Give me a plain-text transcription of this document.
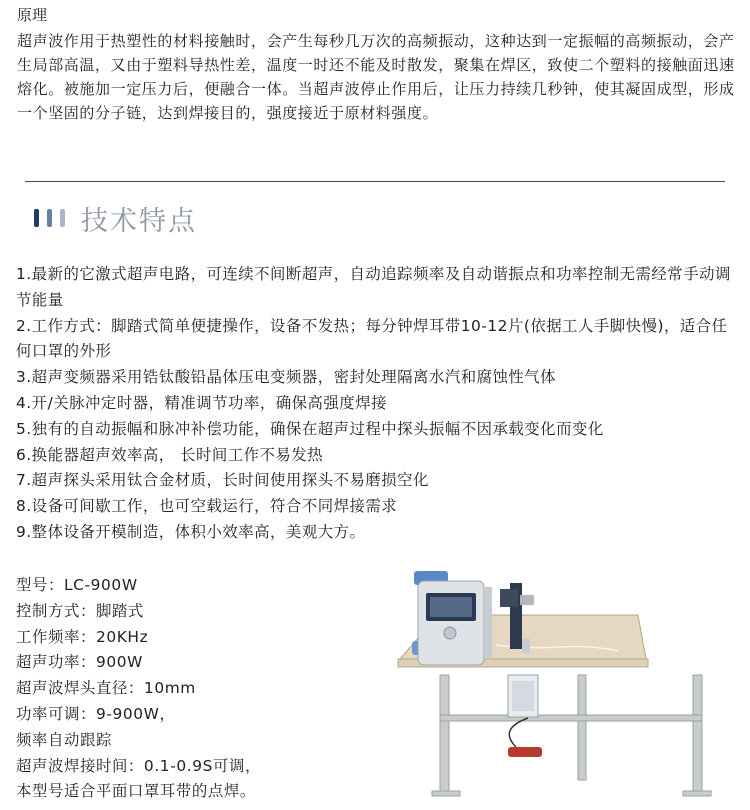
原理

超声波作用于热塑性的材料接触时，会产生每秒几万次的高频振动，这种达到一定振幅的高频振动，会产生局部高温，又由于塑料导热性差，温度一时还不能及时散发，聚集在焊区，致使二个塑料的接触面迅速熔化。被施加一定压力后，便融合一体。当超声波停止作用后，让压力持续几秒钟，使其凝固成型，形成一个坚固的分子链，达到焊接目的，强度接近于原材料强度。

技术特点
1.最新的它激式超声电路，可连续不间断超声，自动追踪频率及自动谐振点和功率控制无需经常手动调节能量
2.工作方式：脚踏式简单便捷操作，设备不发热；每分钟焊耳带10-12片(依据工人手脚快慢)，适合任何口罩的外形
3.超声变频器采用锆钛酸铅晶体压电变频器，密封处理隔离水汽和腐蚀性气体
4.开/关脉冲定时器，精准调节功率，确保高强度焊接
5.独有的自动振幅和脉冲补偿功能，确保在超声过程中探头振幅不因承载变化而变化
6.换能器超声效率高， 长时间工作不易发热
7.超声探头采用钛合金材质，长时间使用探头不易磨损空化
8.设备可间歇工作，也可空载运行，符合不同焊接需求
9.整体设备开模制造，体积小效率高，美观大方。
型号：LC-900W
控制方式：脚踏式
工作频率：20KHz
超声功率：900W
超声波焊头直径：10mm
功率可调：9-900W，
频率自动跟踪
超声波焊接时间：0.1-0.9S可调，
本型号适合平面口罩耳带的点焊。
